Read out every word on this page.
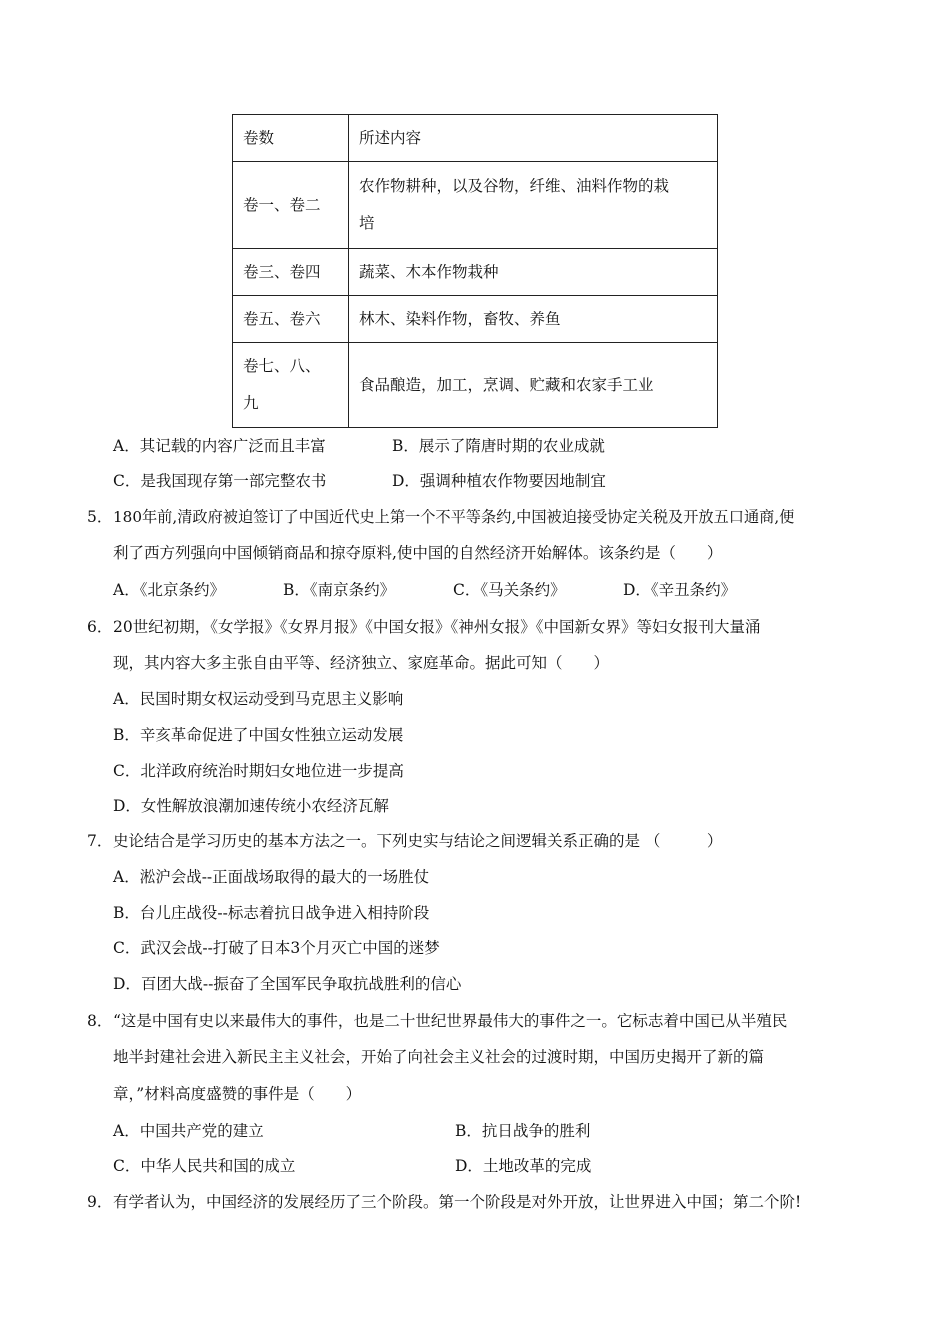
卷数	所述内容
卷一、卷二	农作物耕种，以及谷物，纤维、油料作物的栽
培

卷三、卷四	蔬菜、木本作物栽种
卷五、卷六	林木、染料作物，畜牧、养鱼

卷七、八、
九	食品酿造，加工，烹调、贮藏和农家手工业
A．其记载的内容广泛而且丰富	B．展示了隋唐时期的农业成就
C．是我国现存第一部完整农书	D．强调种植农作物要因地制宜
5． 180年前,清政府被迫签订了中国近代史上第一个不平等条约,中国被迫接受协定关税及开放五口通商,便
利了西方列强向中国倾销商品和掠夺原料,使中国的自然经济开始解体。该条约是（　　）
A．《北京条约》	B．《南京条约》	C．《马关条约》	D．《辛丑条约》
6． 20世纪初期，《女学报》《女界月报》《中国女报》《神州女报》《中国新女界》等妇女报刊大量涌
现，其内容大多主张自由平等、经济独立、家庭革命。据此可知（　　）
A．民国时期女权运动受到马克思主义影响
B．辛亥革命促进了中国女性独立运动发展
C．北洋政府统治时期妇女地位进一步提高
D．女性解放浪潮加速传统小农经济瓦解
7． 史论结合是学习历史的基本方法之一。下列史实与结论之间逻辑关系正确的是 （　　　）
A．淞沪会战--正面战场取得的最大的一场胜仗
B．台儿庄战役--标志着抗日战争进入相持阶段
C．武汉会战--打破了日本3个月灭亡中国的迷梦
D．百团大战--振奋了全国军民争取抗战胜利的信心
8． “这是中国有史以来最伟大的事件，也是二十世纪世界最伟大的事件之一。它标志着中国已从半殖民
地半封建社会进入新民主主义社会，开始了向社会主义社会的过渡时期，中国历史揭开了新的篇
章，”材料高度盛赞的事件是（　　）
A．中国共产党的建立	B．抗日战争的胜利
C．中华人民共和国的成立	D．土地改革的完成
9． 有学者认为，中国经济的发展经历了三个阶段。第一个阶段是对外开放，让世界进入中国；第二个阶!
